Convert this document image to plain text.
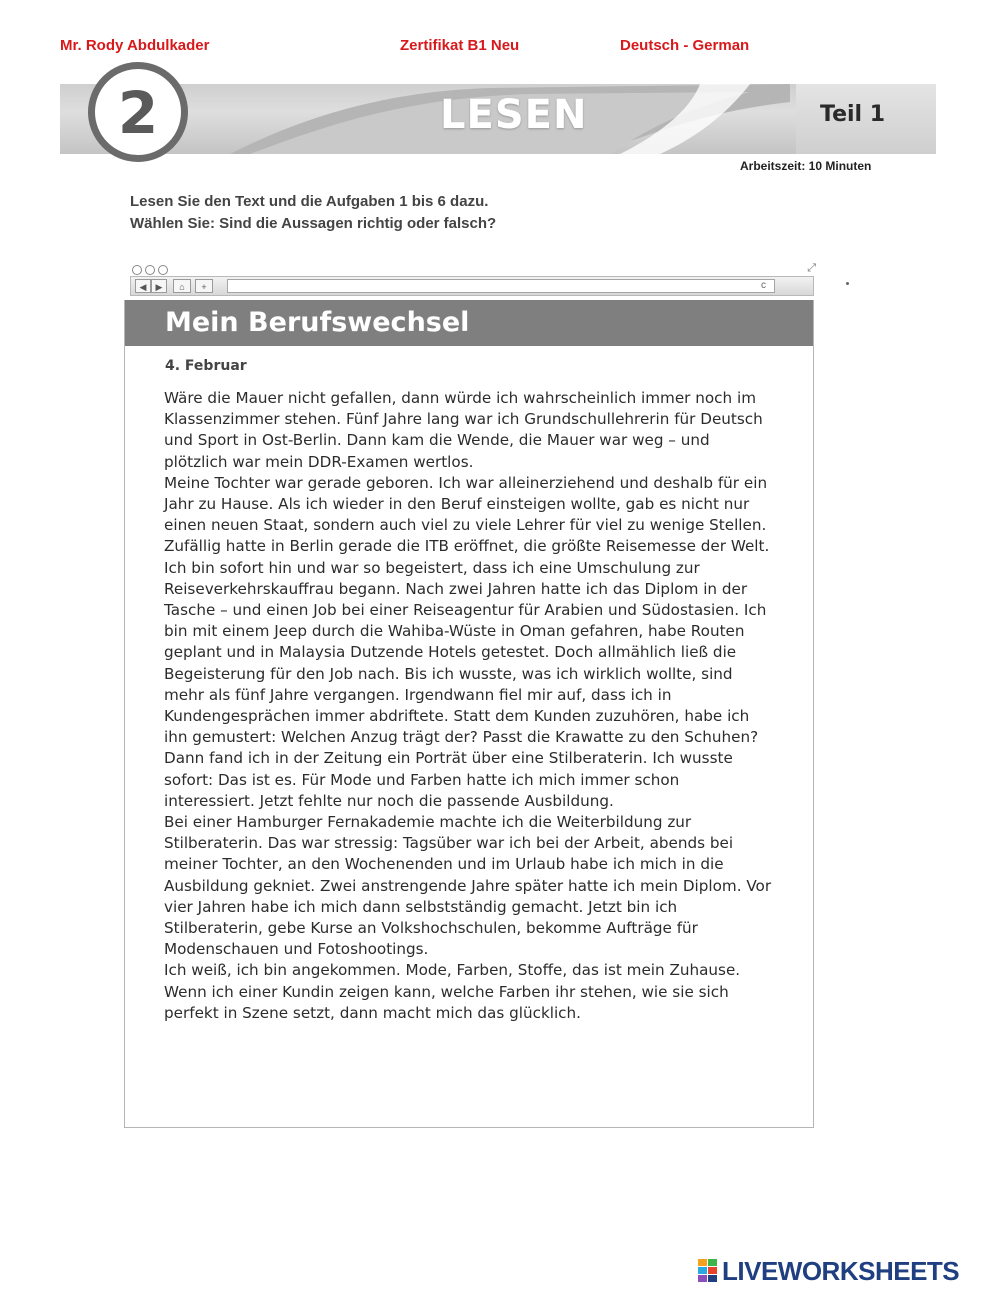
Mr. Rody Abdulkader	Zertifikat B1 Neu	Deutsch - German
2	LESEN	Teil 1
Arbeitszeit: 10 Minuten
Lesen Sie den Text und die Aufgaben 1 bis 6 dazu.
Wählen Sie: Sind die Aussagen richtig oder falsch?
⤢
◀	▶	⌂	+	c
Mein Berufswechsel
4. Februar

Wäre die Mauer nicht gefallen, dann würde ich wahrscheinlich immer noch im Klassenzimmer stehen. Fünf Jahre lang war ich Grundschullehrerin für Deutsch und Sport in Ost-Berlin. Dann kam die Wende, die Mauer war weg – und plötzlich war mein DDR-Examen wertlos.

Meine Tochter war gerade geboren. Ich war alleinerziehend und deshalb für ein Jahr zu Hause. Als ich wieder in den Beruf einsteigen wollte, gab es nicht nur einen neuen Staat, sondern auch viel zu viele Lehrer für viel zu wenige Stellen.

Zufällig hatte in Berlin gerade die ITB eröffnet, die größte Reisemesse der Welt. Ich bin sofort hin und war so begeistert, dass ich eine Umschulung zur Reiseverkehrskauffrau begann. Nach zwei Jahren hatte ich das Diplom in der Tasche – und einen Job bei einer Reiseagentur für Arabien und Südostasien. Ich bin mit einem Jeep durch die Wahiba-Wüste in Oman gefahren, habe Routen geplant und in Malaysia Dutzende Hotels getestet. Doch allmählich ließ die Begeisterung für den Job nach. Bis ich wusste, was ich wirklich wollte, sind mehr als fünf Jahre vergangen. Irgendwann fiel mir auf, dass ich in Kundengesprächen immer abdriftete. Statt dem Kunden zuzuhören, habe ich ihn gemustert: Welchen Anzug trägt der? Passt die Krawatte zu den Schuhen? Dann fand ich in der Zeitung ein Porträt über eine Stilberaterin. Ich wusste sofort: Das ist es. Für Mode und Farben hatte ich mich immer schon interessiert. Jetzt fehlte nur noch die passende Ausbildung.

Bei einer Hamburger Fernakademie machte ich die Weiterbildung zur Stilberaterin. Das war stressig: Tagsüber war ich bei der Arbeit, abends bei meiner Tochter, an den Wochenenden und im Urlaub habe ich mich in die Ausbildung gekniet. Zwei anstrengende Jahre später hatte ich mein Diplom. Vor vier Jahren habe ich mich dann selbstständig gemacht. Jetzt bin ich Stilberaterin, gebe Kurse an Volkshochschulen, bekomme Aufträge für Modenschauen und Fotoshootings.

Ich weiß, ich bin angekommen. Mode, Farben, Stoffe, das ist mein Zuhause. Wenn ich einer Kundin zeigen kann, welche Farben ihr stehen, wie sie sich perfekt in Szene setzt, dann macht mich das glücklich.

LIVEWORKSHEETS
